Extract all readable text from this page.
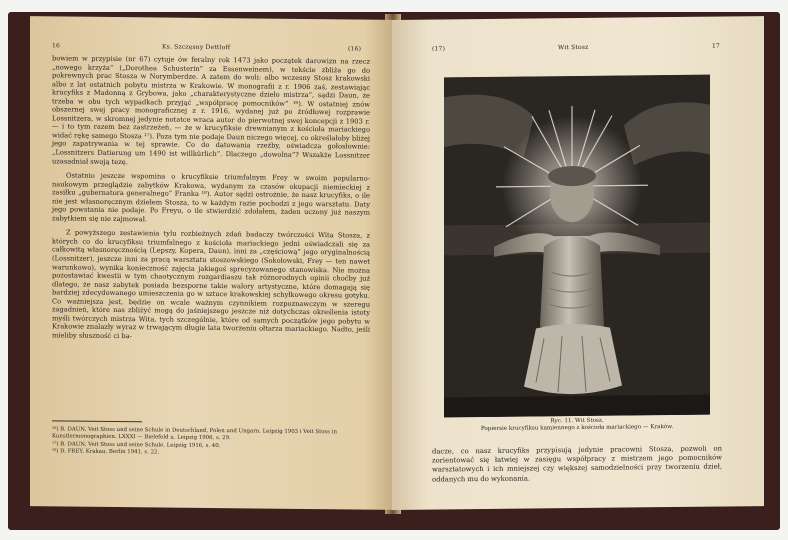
16	Ks. Szczęsny Dettloff	(16)

bowiem w przypisie (nr 67) cytuje ów feralny rok 1473 jako początek darowizn na rzecz „nowego krzyża” („Dorothea Schusterin” za Essenweinem), w tekście zbliża go do pokrewnych prac Stosza w Norymberdze. A zatem do woli: albo wczesny Stosz krakowski albo z lat ostatnich pobytu mistrza w Krakowie. W monografii z r. 1906 zaś, zestawiając krucyfiks z Madonną z Grybowa, jako „charakterystyczne dzieło mistrza”, sądzi Daun, że trzeba w obu tych wypadkach przyjąć „współpracę pomocników” ¹⁶). W ostatniej znów obszernej swej pracy monograficznej z r. 1916, wydanej już po źródłowej rozprawie Lossnitzera, w skromnej jedynie notatce wraca autor do pierwotnej swej koncepcji z 1903 r. — i to tym razem bez zastrzeżeń, — że w krucyfiksie drewnianym z kościoła mariackiego widać rękę samego Stosza ¹⁷). Poza tym nie podaje Daun niczego więcej, co określałoby bliżej jego zapatrywania w tej sprawie. Co do datowania rzeźby, oświadcza gołosłownie: „Lossnitzers Datierung um 1490 ist willkürlich”. Dlaczego „dowolna”? Wszakże Lossnitzer uzasadniał swoją tezę.

Ostatnio jeszcze wspomina o krucyfiksie triumfalnym Frey w swoim popularno-naukowym przeglądzie zabytków Krakowa, wydanym za czasów okupacji niemieckiej z zasiłku „gubernatora generalnego” Franka ¹⁸). Autor sądzi ostrożnie, że nasz krucyfiks, o ile nie jest własnoręcznym dziełem Stosza, to w każdym razie pochodzi z jego warsztatu. Daty jego powstania nie podaje. Po Freyu, o ile stwierdzić zdołałem, żaden uczony już naszym zabytkiem się nie zajmował.

Z powyższego zestawienia tylu rozbieżnych zdań badaczy twórczości Wita Stosza, z których co do krucyfiksu triumfalnego z kościoła mariackiego jedni oświadczali się za całkowitą własnoręcznością (Lepszy, Kopera, Daun), inni za „częściową” jego oryginalnością (Lossnitzer), jeszcze inni za pracą warsztatu stoszowskiego (Sokołowski, Frey — ten nawet warunkowo), wynika konieczność zajęcia jakiegoś sprecyzowanego stanowiska. Nie można pozostawiać kwestii w tym chaotycznym rozgardiaszu tak różnorodnych opinii choćby już dlatego, że nasz zabytek posiada bezsporne takie walory artystyczne, które domagają się bardziej zdecydowanego umieszczenia go w sztuce krakowskiej schyłkowego okresu gotyku. Co ważniejsza jest, będzie on wcale ważnym czynnikiem rozpoznawczym w szeregu zagadnień, które nas zbliżyć mogą do jaśniejszego jeszcze niż dotychczas określenia istoty myśli twórczych mistrza Wita, tych szczególnie, które od samych początków jego pobytu w Krakowie znalazły wyraz w trwającym długie lata tworzeniu ołtarza mariackiego. Nadto, jeśli mieliby słuszność ci ba-

¹⁶) B. DAUN, Veit Stoss und seine Schule in Deutschland, Polen und Ungarn. Leipzig 1903 i Veit Stoss in Kunstlermonographien. LXXXI — Bielefeld u. Leipzig 1906, s. 29.
¹⁷) B. DAUN, Veit Stoss und seine Schule. Leipzig 1916, s. 40.
¹⁸) D. FREY, Krakau, Berlin 1941, s. 22.
(17)	Wit Stosz	17
Ryc. 11. Wit Stosz.
Popiersie krucyfiksu kamiennego z kościoła mariackiego — Kraków.
dacze, co nasz krucyfiks przypisują jedynie pracowni Stosza, pozwoli on zorientować się łatwiej w zasięgu współpracy z mistrzem jego pomocników warsztatowych i ich mniejszej czy większej samodzielności przy tworzeniu dzieł, oddanych mu do wykonania.
